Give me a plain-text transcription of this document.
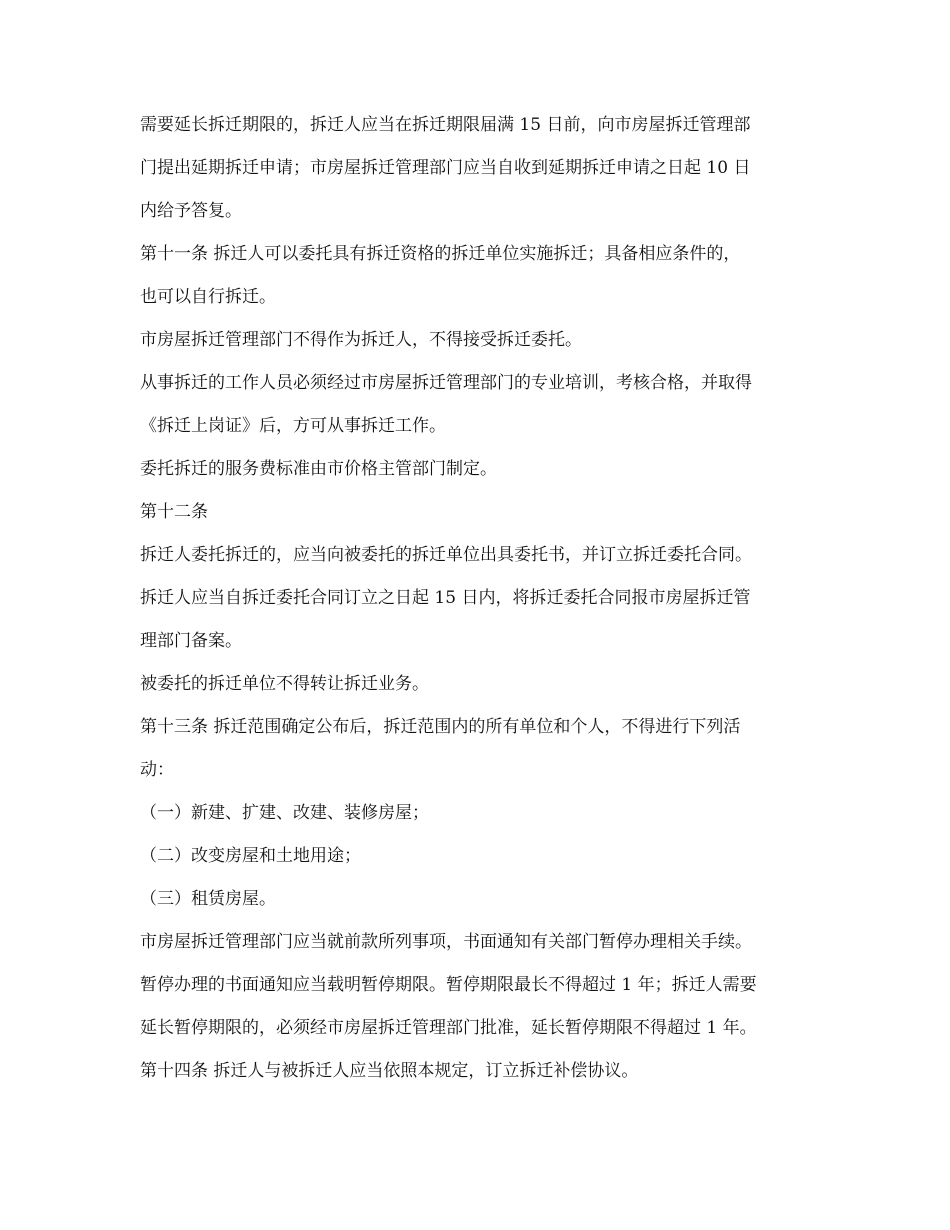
需要延长拆迁期限的，拆迁人应当在拆迁期限届满 15 日前，向市房屋拆迁管理部

门提出延期拆迁申请；市房屋拆迁管理部门应当自收到延期拆迁申请之日起 10 日

内给予答复。

第十一条 拆迁人可以委托具有拆迁资格的拆迁单位实施拆迁；具备相应条件的，

也可以自行拆迁。

市房屋拆迁管理部门不得作为拆迁人，不得接受拆迁委托。

从事拆迁的工作人员必须经过市房屋拆迁管理部门的专业培训，考核合格，并取得

《拆迁上岗证》后，方可从事拆迁工作。

委托拆迁的服务费标准由市价格主管部门制定。

第十二条

拆迁人委托拆迁的，应当向被委托的拆迁单位出具委托书，并订立拆迁委托合同。

拆迁人应当自拆迁委托合同订立之日起 15 日内，将拆迁委托合同报市房屋拆迁管

理部门备案。

被委托的拆迁单位不得转让拆迁业务。

第十三条 拆迁范围确定公布后，拆迁范围内的所有单位和个人，不得进行下列活

动：

（一）新建、扩建、改建、装修房屋；

（二）改变房屋和土地用途；

（三）租赁房屋。

市房屋拆迁管理部门应当就前款所列事项，书面通知有关部门暂停办理相关手续。

暂停办理的书面通知应当载明暂停期限。暂停期限最长不得超过 1 年；拆迁人需要

延长暂停期限的，必须经市房屋拆迁管理部门批准，延长暂停期限不得超过 1 年。

第十四条 拆迁人与被拆迁人应当依照本规定，订立拆迁补偿协议。
